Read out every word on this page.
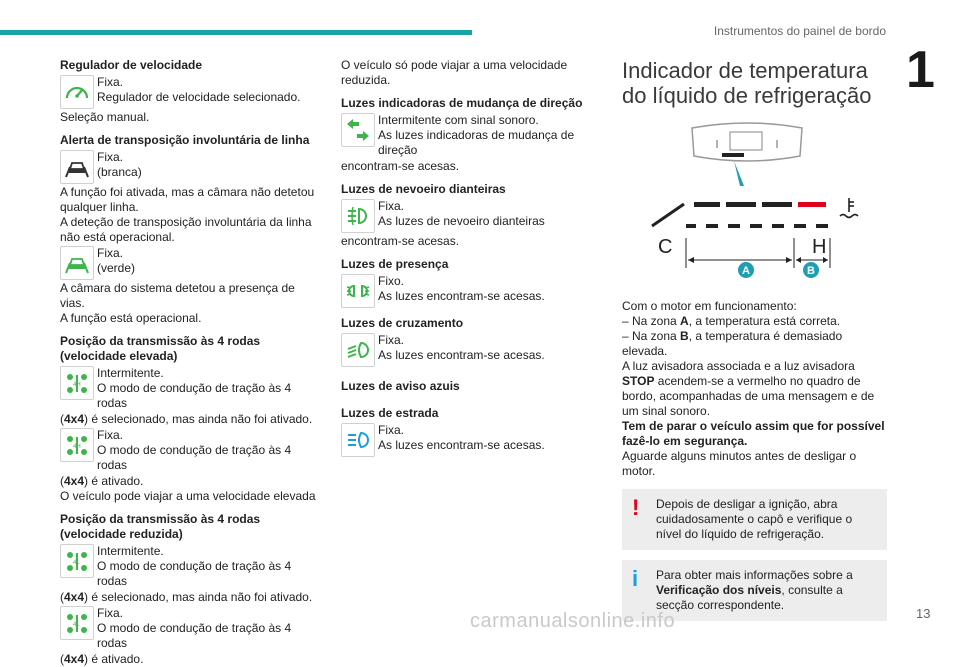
Instrumentos do painel de bordo
1
Regulador de velocidade
Fixa.
Regulador de velocidade selecionado.
Seleção manual.
Alerta de transposição involuntária de linha
Fixa.
(branca)
A função foi ativada, mas a câmara não detetou qualquer linha.
A deteção de transposição involuntária da linha não está operacional.
Fixa.
(verde)
A câmara do sistema detetou a presença de vias.
A função está operacional.
Posição da transmissão às 4 rodas (velocidade elevada)
4H
Intermitente.
O modo de condução de tração às 4 rodas
(4x4) é selecionado, mas ainda não foi ativado.
4H
Fixa.
O modo de condução de tração às 4 rodas
(4x4) é ativado.
O veículo pode viajar a uma velocidade elevada
Posição da transmissão às 4 rodas (velocidade reduzida)
4L
Intermitente.
O modo de condução de tração às 4 rodas
(4x4) é selecionado, mas ainda não foi ativado.
4L
Fixa.
O modo de condução de tração às 4 rodas
(4x4) é ativado.
O veículo só pode viajar a uma velocidade reduzida.
Luzes indicadoras de mudança de direção
Intermitente com sinal sonoro.
As luzes indicadoras de mudança de direção
encontram-se acesas.
Luzes de nevoeiro dianteiras
Fixa.
As luzes de nevoeiro dianteiras
encontram-se acesas.
Luzes de presença
Fixo.
As luzes encontram-se acesas.
Luzes de cruzamento
Fixa.
As luzes encontram-se acesas.
Luzes de aviso azuis
Luzes de estrada
Fixa.
As luzes encontram-se acesas.
Indicador de temperatura do líquido de refrigeração
C	H
A	B
Com o motor em funcionamento:
– Na zona A, a temperatura está correta.
– Na zona B, a temperatura é demasiado elevada.
A luz avisadora associada e a luz avisadora
STOP acendem-se a vermelho no quadro de bordo, acompanhadas de uma mensagem e de um sinal sonoro.
Tem de parar o veículo assim que for possível fazê-lo em segurança.
Aguarde alguns minutos antes de desligar o motor.
! Depois de desligar a ignição, abra cuidadosamente o capô e verifique o nível do líquido de refrigeração.
i Para obter mais informações sobre a Verificação dos níveis, consulte a secção correspondente.
carmanualsonline.info	13
